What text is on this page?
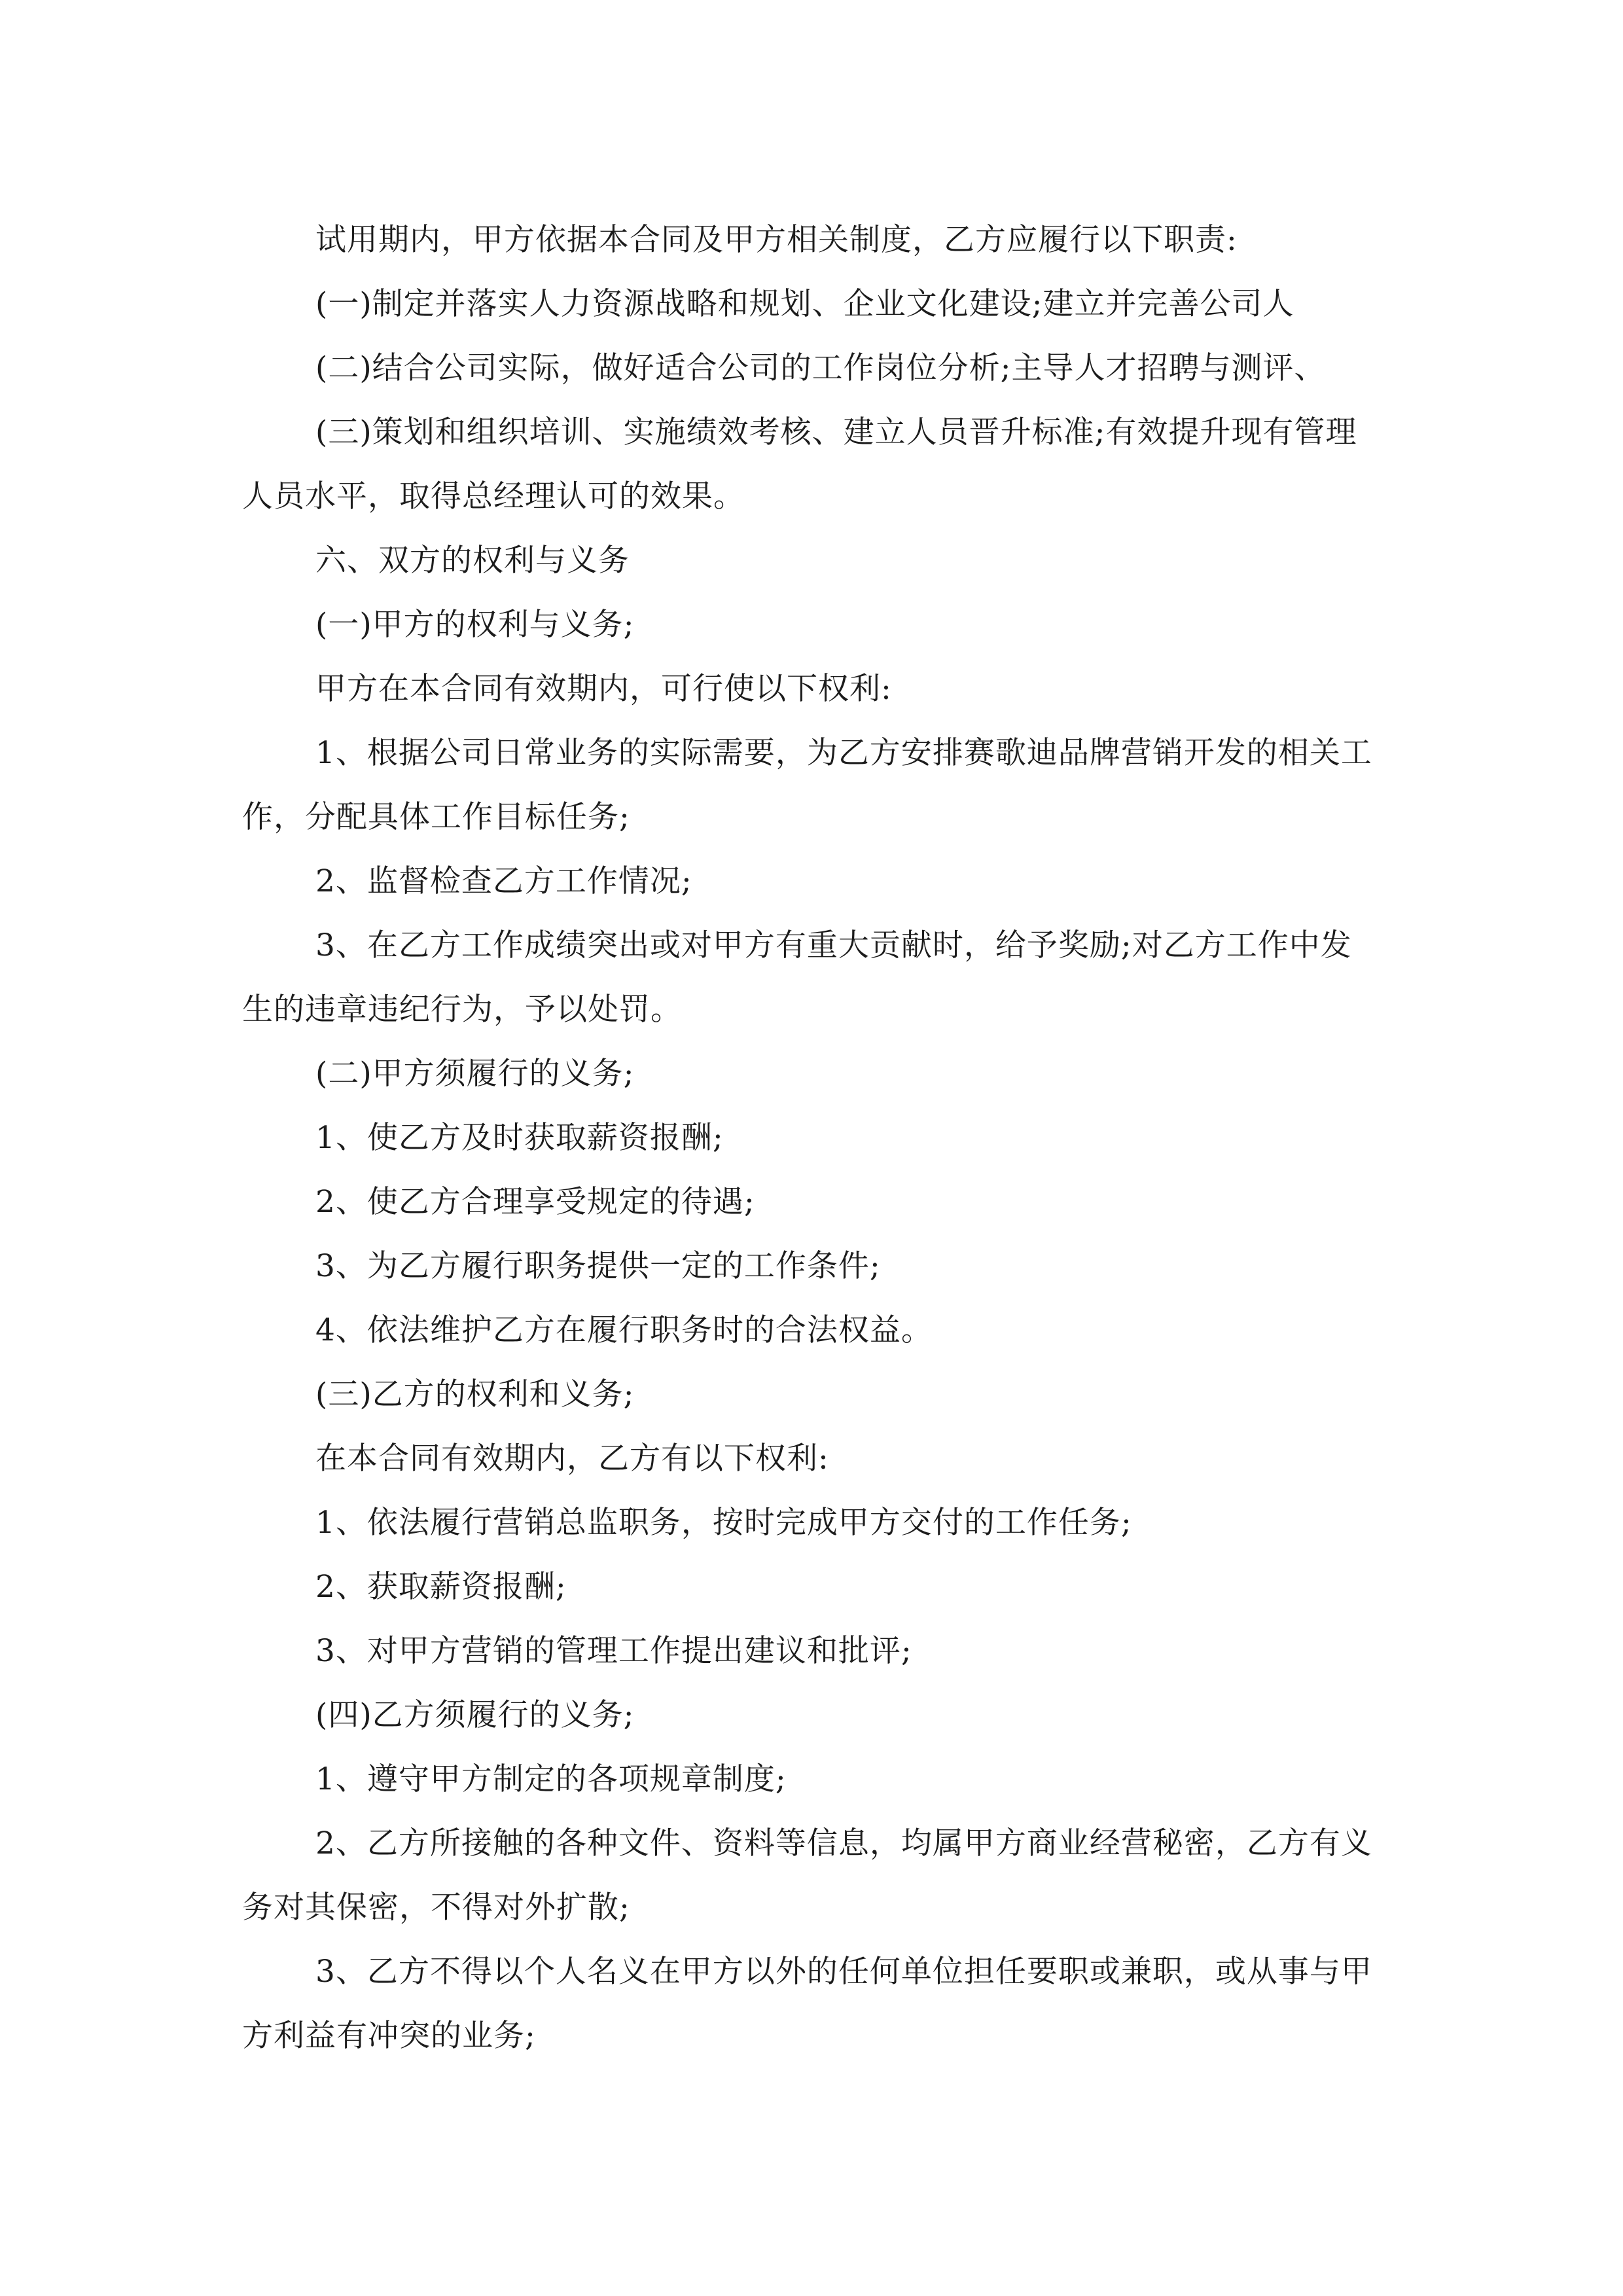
试用期内，甲方依据本合同及甲方相关制度，乙方应履行以下职责:

(一)制定并落实人力资源战略和规划、企业文化建设;建立并完善公司人

(二)结合公司实际，做好适合公司的工作岗位分析;主导人才招聘与测评、

(三)策划和组织培训、实施绩效考核、建立人员晋升标准;有效提升现有管理人员水平，取得总经理认可的效果。

六、双方的权利与义务

(一)甲方的权利与义务;

甲方在本合同有效期内，可行使以下权利:

1、根据公司日常业务的实际需要，为乙方安排赛歌迪品牌营销开发的相关工作，分配具体工作目标任务;

2、监督检查乙方工作情况;

3、在乙方工作成绩突出或对甲方有重大贡献时，给予奖励;对乙方工作中发生的违章违纪行为，予以处罚。

(二)甲方须履行的义务;

1、使乙方及时获取薪资报酬;

2、使乙方合理享受规定的待遇;

3、为乙方履行职务提供一定的工作条件;

4、依法维护乙方在履行职务时的合法权益。

(三)乙方的权利和义务;

在本合同有效期内，乙方有以下权利:

1、依法履行营销总监职务，按时完成甲方交付的工作任务;

2、获取薪资报酬;

3、对甲方营销的管理工作提出建议和批评;

(四)乙方须履行的义务;

1、遵守甲方制定的各项规章制度;

2、乙方所接触的各种文件、资料等信息，均属甲方商业经营秘密，乙方有义务对其保密，不得对外扩散;

3、乙方不得以个人名义在甲方以外的任何单位担任要职或兼职，或从事与甲方利益有冲突的业务;
